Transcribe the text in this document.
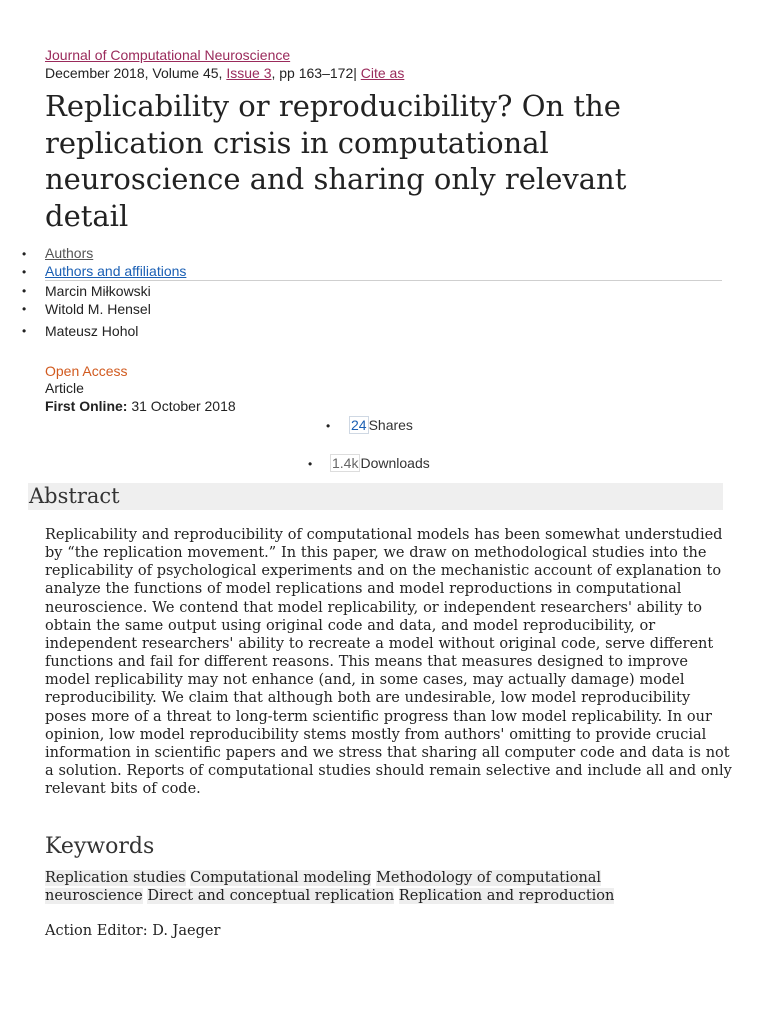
Journal of Computational Neuroscience
December 2018, Volume 45, Issue 3, pp 163–172| Cite as
Replicability or reproducibility? On the replication crisis in computational neuroscience and sharing only relevant detail
• Authors
• Authors and affiliations
• Marcin Miłkowski
• Witold M. Hensel
• Mateusz Hohol
Open Access
Article
First Online: 31 October 2018
• 24 Shares
• 1.4k Downloads
Abstract

Replicability and reproducibility of computational models has been somewhat understudied by “the replication movement.” In this paper, we draw on methodological studies into the replicability of psychological experiments and on the mechanistic account of explanation to analyze the functions of model replications and model reproductions in computational neuroscience. We contend that model replicability, or independent researchers' ability to obtain the same output using original code and data, and model reproducibility, or independent researchers' ability to recreate a model without original code, serve different functions and fail for different reasons. This means that measures designed to improve model replicability may not enhance (and, in some cases, may actually damage) model reproducibility. We claim that although both are undesirable, low model reproducibility poses more of a threat to long-term scientific progress than low model replicability. In our opinion, low model reproducibility stems mostly from authors' omitting to provide crucial information in scientific papers and we stress that sharing all computer code and data is not a solution. Reports of computational studies should remain selective and include all and only relevant bits of code.

Keywords
Replication studies Computational modeling Methodology of computational neuroscience Direct and conceptual replication Replication and reproduction
Action Editor: D. Jaeger
